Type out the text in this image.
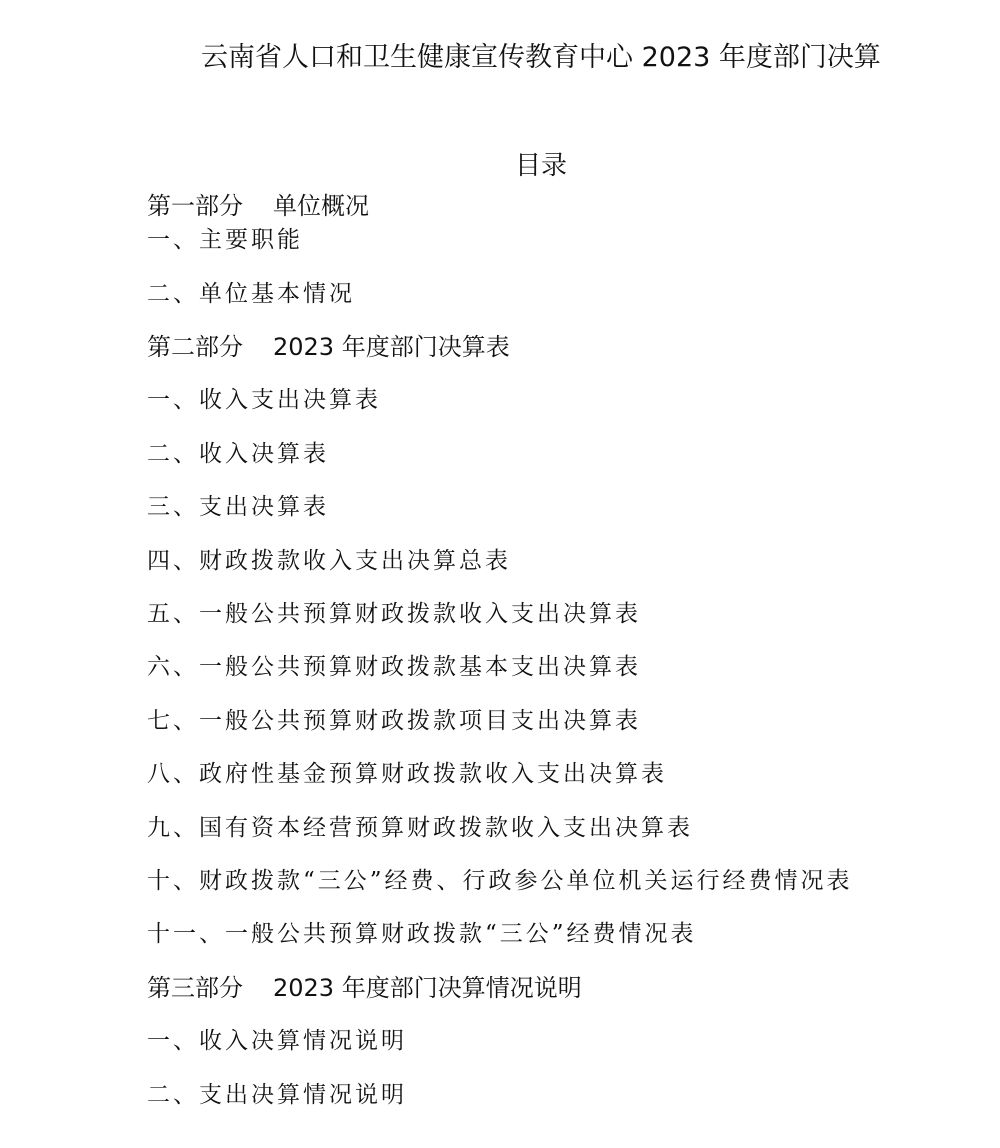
云南省人口和卫生健康宣传教育中心 2023 年度部门决算
目录
第一部分 单位概况
一、主要职能
二、单位基本情况
第二部分 2023 年度部门决算表
一、收入支出决算表
二、收入决算表
三、支出决算表
四、财政拨款收入支出决算总表
五、一般公共预算财政拨款收入支出决算表
六、一般公共预算财政拨款基本支出决算表
七、一般公共预算财政拨款项目支出决算表
八、政府性基金预算财政拨款收入支出决算表
九、国有资本经营预算财政拨款收入支出决算表
十、财政拨款“三公”经费、行政参公单位机关运行经费情况表
十一、一般公共预算财政拨款“三公”经费情况表
第三部分 2023 年度部门决算情况说明
一、收入决算情况说明
二、支出决算情况说明
